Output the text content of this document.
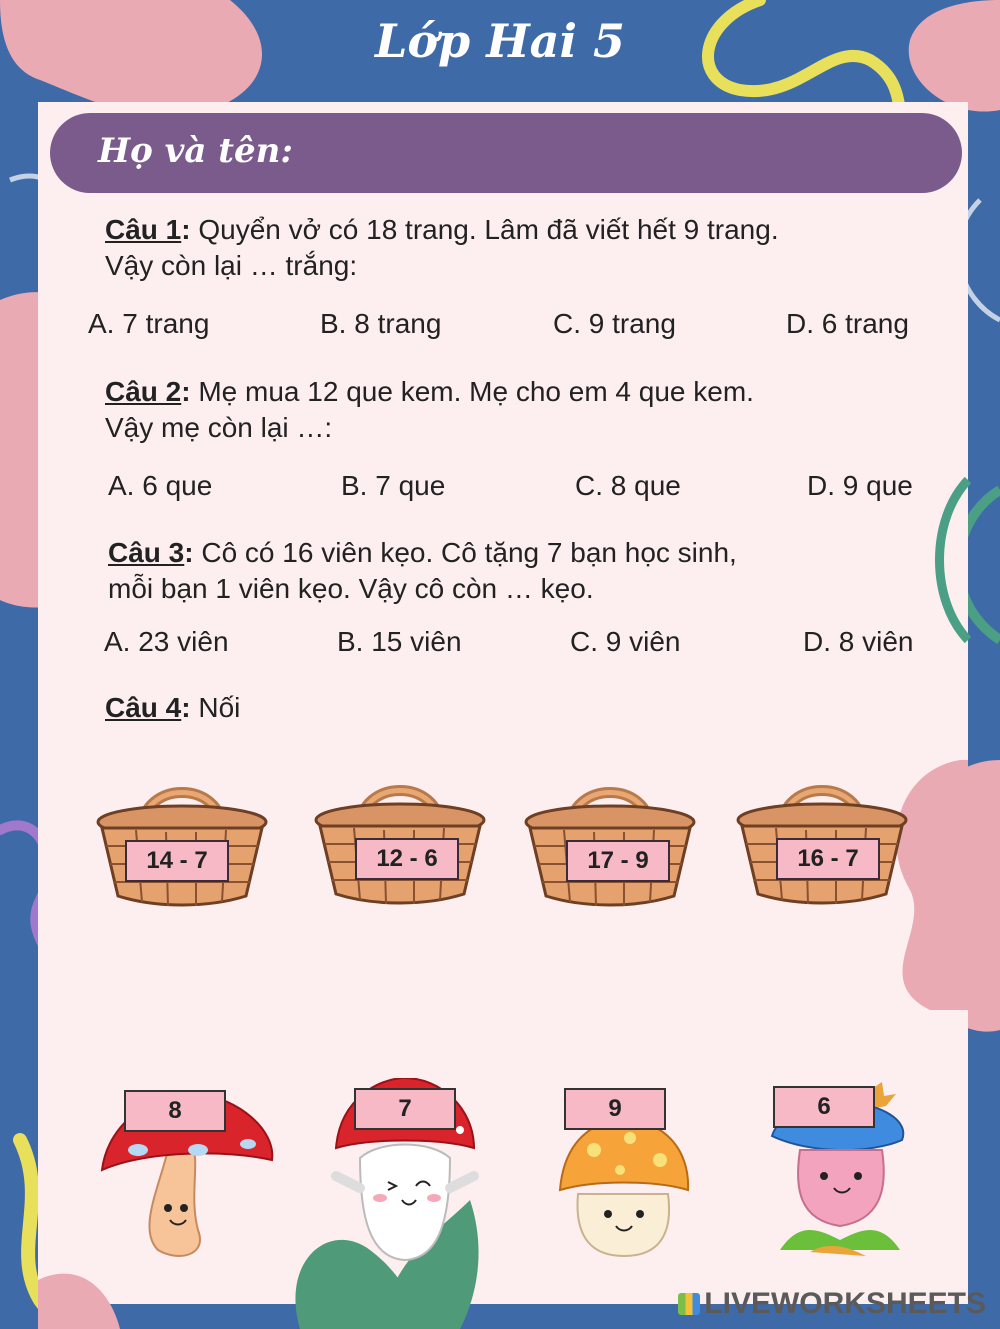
Lớp Hai 5
Họ và tên:
Câu 1: Quyển vở có 18 trang. Lâm đã viết hết 9 trang.
Vậy còn lại … trắng:
A. 7 trang	B. 8 trang	C. 9 trang	D. 6 trang
Câu 2: Mẹ mua 12 que kem. Mẹ cho em 4 que kem.
Vậy mẹ còn lại …:
A. 6 que	B. 7 que	C. 8 que	D. 9 que
Câu 3: Cô có 16 viên kẹo. Cô tặng 7 bạn học sinh,
mỗi bạn 1 viên kẹo. Vậy cô còn … kẹo.
A. 23 viên	B. 15 viên	C. 9 viên	D. 8 viên
Câu 4: Nối
14 - 7	12 - 6	17 - 9	16 - 7
8	7	9	6
LIVEWORKSHEETS
